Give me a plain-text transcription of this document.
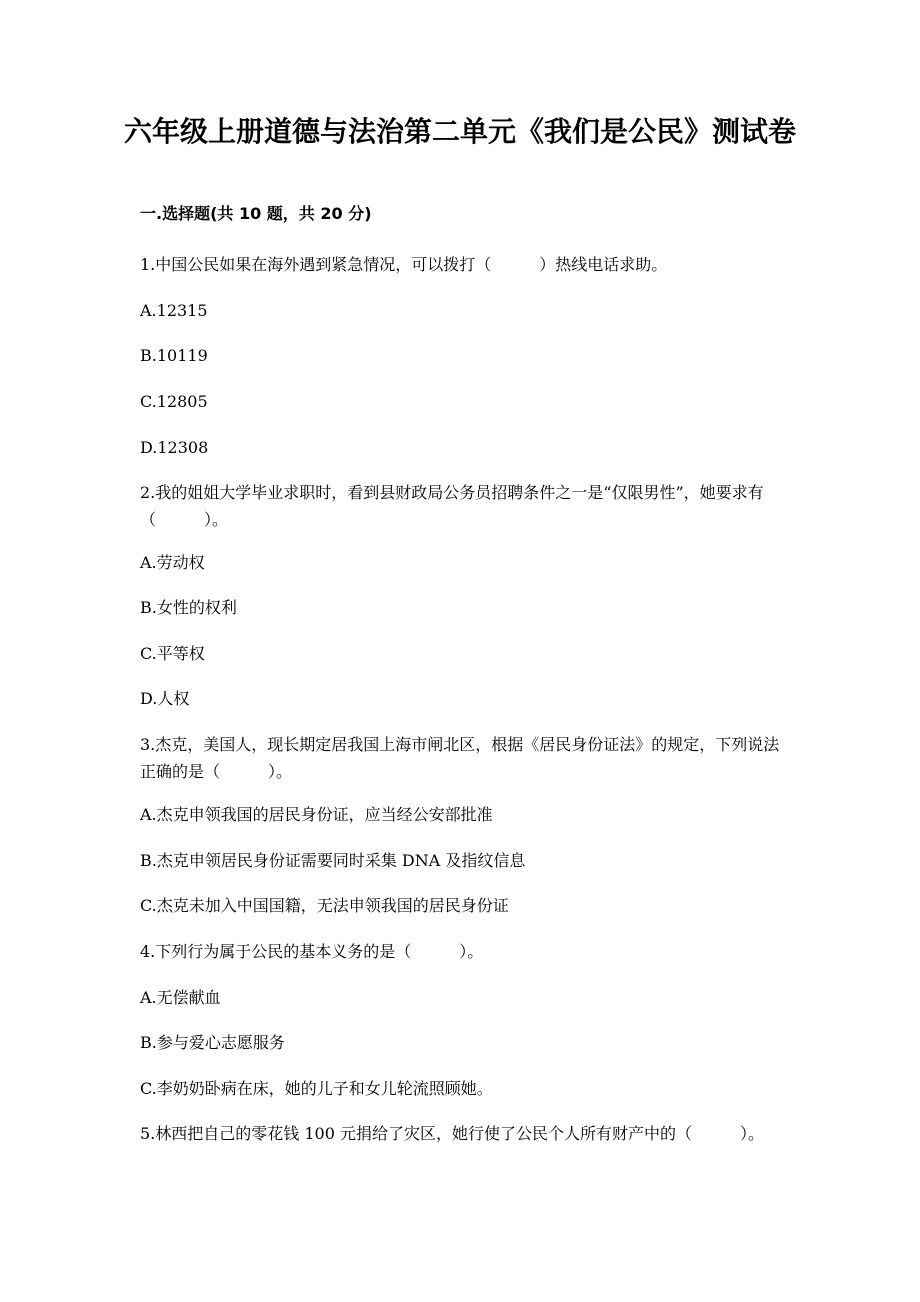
六年级上册道德与法治第二单元《我们是公民》测试卷
一.选择题(共 10 题，共 20 分)
1.中国公民如果在海外遇到紧急情况，可以拨打（　　　）热线电话求助。
A.12315
B.10119
C.12805
D.12308
2.我的姐姐大学毕业求职时，看到县财政局公务员招聘条件之一是“仅限男性”，她要求有（　　　）。
A.劳动权
B.女性的权利
C.平等权
D.人权
3.杰克，美国人，现长期定居我国上海市闸北区，根据《居民身份证法》的规定，下列说法正确的是（　　　）。
A.杰克申领我国的居民身份证，应当经公安部批准
B.杰克申领居民身份证需要同时采集 DNA 及指纹信息
C.杰克未加入中国国籍，无法申领我国的居民身份证
4.下列行为属于公民的基本义务的是（　　　）。
A.无偿献血
B.参与爱心志愿服务
C.李奶奶卧病在床，她的儿子和女儿轮流照顾她。
5.林西把自己的零花钱 100 元捐给了灾区，她行使了公民个人所有财产中的（　　　）。
